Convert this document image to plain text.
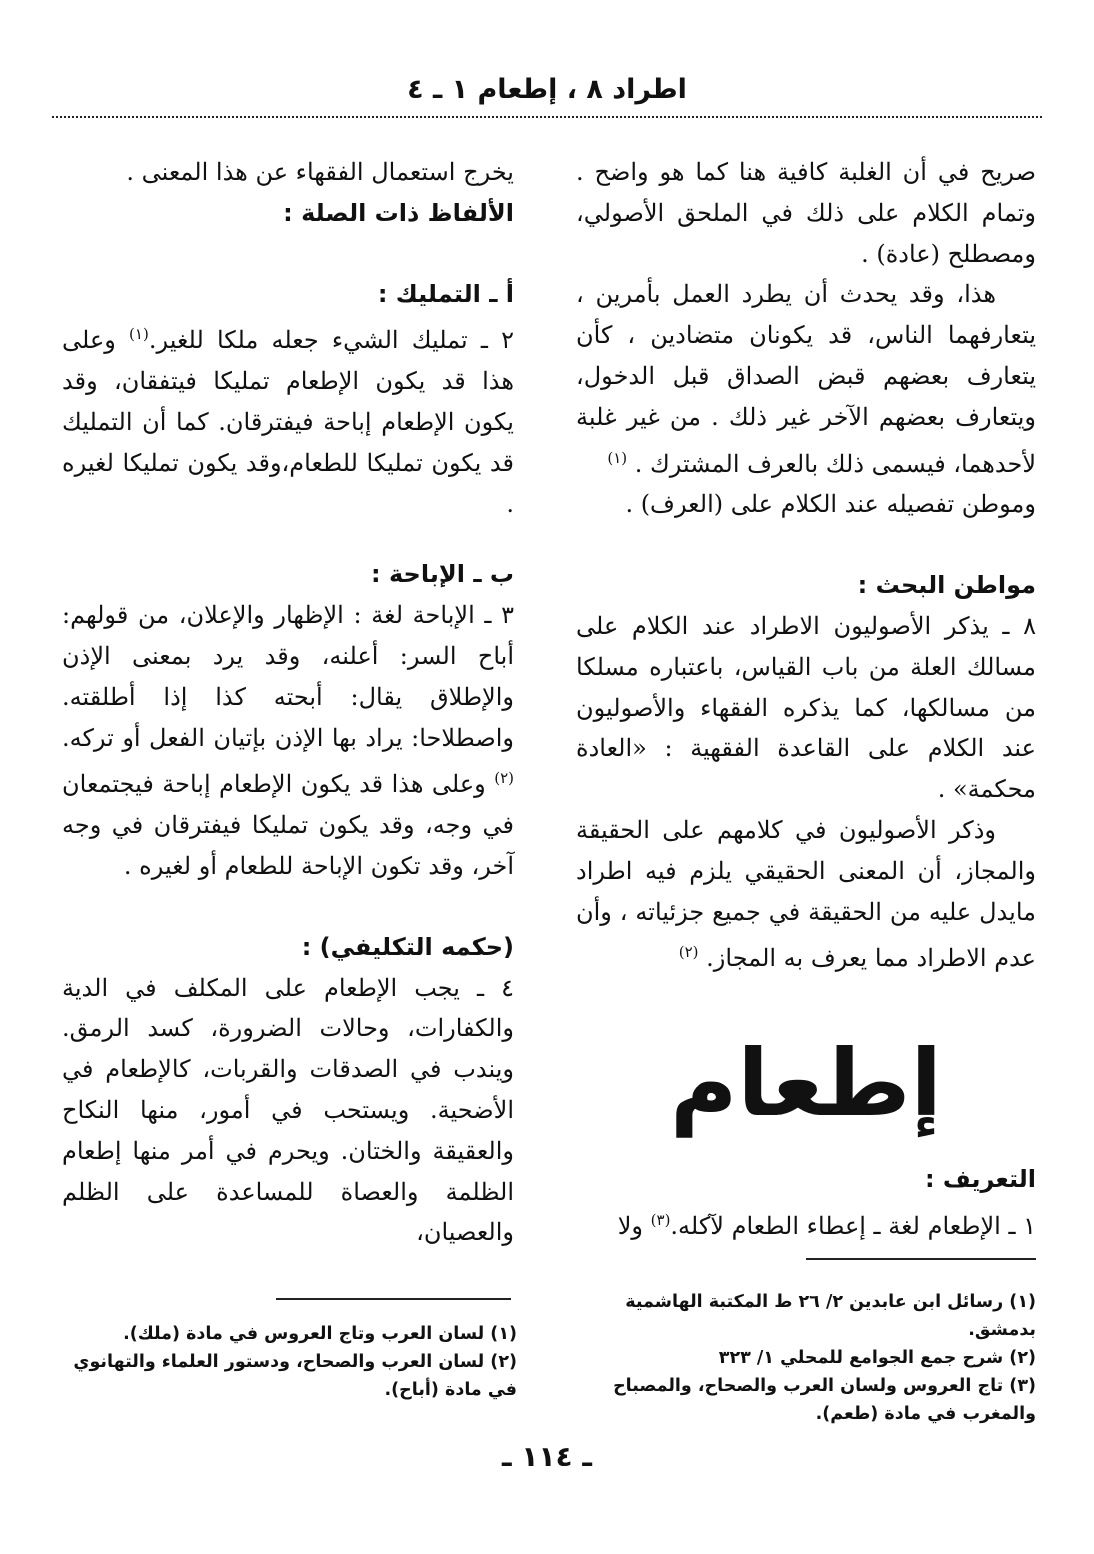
اطراد ٨ ، إطعام ١ ـ ٤

صريح في أن الغلبة كافية هنا كما هو واضح . وتمام الكلام على ذلك في الملحق الأصولي، ومصطلح (عادة) .

هذا، وقد يحدث أن يطرد العمل بأمرين ، يتعارفهما الناس، قد يكونان متضادين ، كأن يتعارف بعضهم قبض الصداق قبل الدخول، ويتعارف بعضهم الآخر غير ذلك . من غير غلبة لأحدهما، فيسمى ذلك بالعرف المشترك . $^{(١)}$

وموطن تفصيله عند الكلام على (العرف) .

مواطن البحث :

٨ ـ يذكر الأصوليون الاطراد عند الكلام على مسالك العلة من باب القياس، باعتباره مسلكا من مسالكها، كما يذكره الفقهاء والأصوليون عند الكلام على القاعدة الفقهية : «العادة محكمة» .

وذكر الأصوليون في كلامهم على الحقيقة والمجاز، أن المعنى الحقيقي يلزم فيه اطراد مايدل عليه من الحقيقة في جميع جزئياته ، وأن عدم الاطراد مما يعرف به المجاز. $^{(٢)}$

إطعام

التعريف :

١ ـ الإطعام لغة ـ إعطاء الطعام لآكله.$^{(٣)}$ ولا

يخرج استعمال الفقهاء عن هذا المعنى .

الألفاظ ذات الصلة :

أ ـ التمليك :

٢ ـ تمليك الشيء جعله ملكا للغير.$^{(١)}$ وعلى هذا قد يكون الإطعام تمليكا فيتفقان، وقد يكون الإطعام إباحة فيفترقان. كما أن التمليك قد يكون تمليكا للطعام،وقد يكون تمليكا لغيره .

ب ـ الإباحة :

٣ ـ الإباحة لغة : الإظهار والإعلان، من قولهم: أباح السر: أعلنه، وقد يرد بمعنى الإذن والإطلاق يقال: أبحته كذا إذا أطلقته. واصطلاحا: يراد بها الإذن بإتيان الفعل أو تركه.$^{(٢)}$ وعلى هذا قد يكون الإطعام إباحة فيجتمعان في وجه، وقد يكون تمليكا فيفترقان في وجه آخر، وقد تكون الإباحة للطعام أو لغيره .

(حكمه التكليفي) :

٤ ـ يجب الإطعام على المكلف في الدية والكفارات، وحالات الضرورة، كسد الرمق. ويندب في الصدقات والقربات، كالإطعام في الأضحية. ويستحب في أمور، منها النكاح والعقيقة والختان. ويحرم في أمر منها إطعام الظلمة والعصاة للمساعدة على الظلم والعصيان،

(١) رسائل ابن عابدين ٢/ ٢٦ ط المكتبة الهاشمية بدمشق.

(٢) شرح جمع الجوامع للمحلي ١/ ٣٢٣

(٣) تاج العروس ولسان العرب والصحاح، والمصباح والمغرب في مادة (طعم).

(١) لسان العرب وتاج العروس في مادة (ملك).

(٢) لسان العرب والصحاح، ودستور العلماء والتهانوي في مادة (أباح).

ـ ١١٤ ـ
